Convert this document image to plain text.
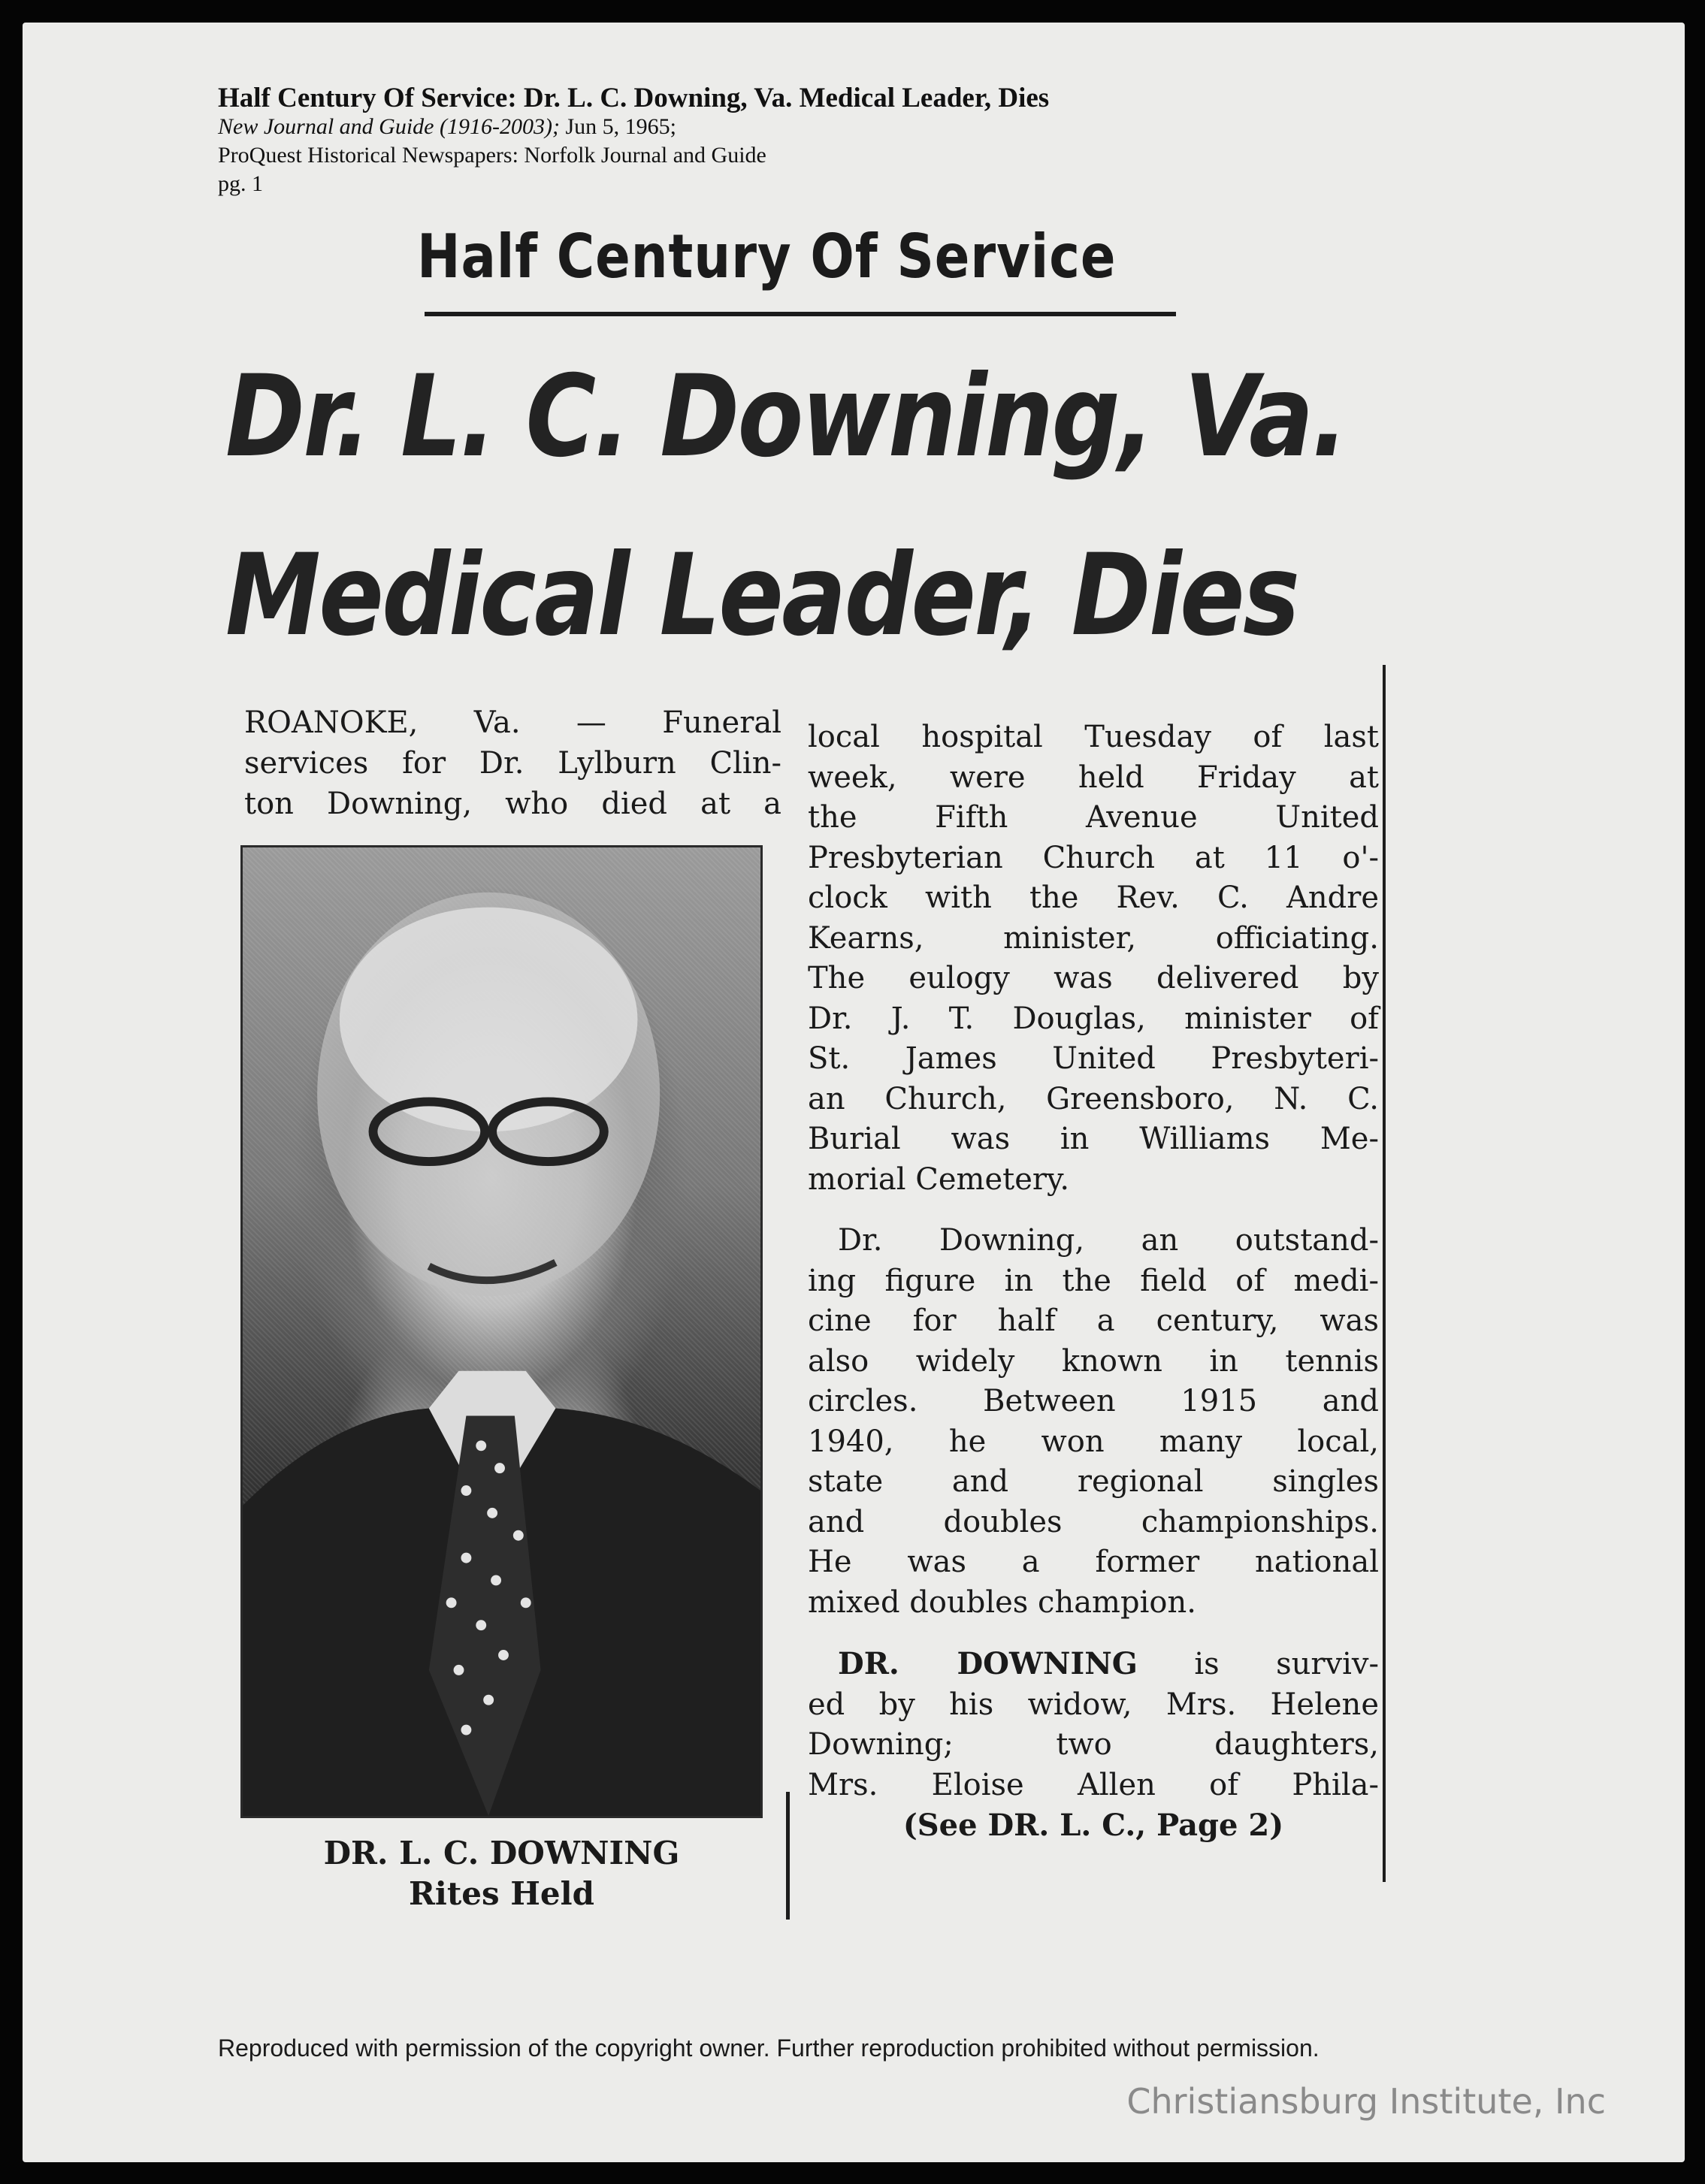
Half Century Of Service: Dr. L. C. Downing, Va. Medical Leader, Dies
New Journal and Guide (1916-2003); Jun 5, 1965;
ProQuest Historical Newspapers: Norfolk Journal and Guide
pg. 1
Half Century Of Service
Dr. L. C. Downing, Va.
Medical Leader, Dies
ROANOKE, Va. — Funeral
services for Dr. Lylburn Clin-
ton Downing, who died at a
DR. L. C. DOWNING
Rites Held
local hospital Tuesday of last
week, were held Friday at
the Fifth Avenue United
Presbyterian Church at 11 o'-
clock with the Rev. C. Andre
Kearns, minister, officiating.
The eulogy was delivered by
Dr. J. T. Douglas, minister of
St. James United Presbyteri-
an Church, Greensboro, N. C.
Burial was in Williams Me-
morial Cemetery.
Dr. Downing, an outstand-
ing figure in the field of medi-
cine for half a century, was
also widely known in tennis
circles. Between 1915 and
1940, he won many local,
state and regional singles
and doubles championships.
He was a former national
mixed doubles champion.
DR. DOWNING is surviv-
ed by his widow, Mrs. Helene
Downing; two daughters,
Mrs. Eloise Allen of Phila-
(See DR. L. C., Page 2)
Reproduced with permission of the copyright owner. Further reproduction prohibited without permission.
Christiansburg Institute, Inc
